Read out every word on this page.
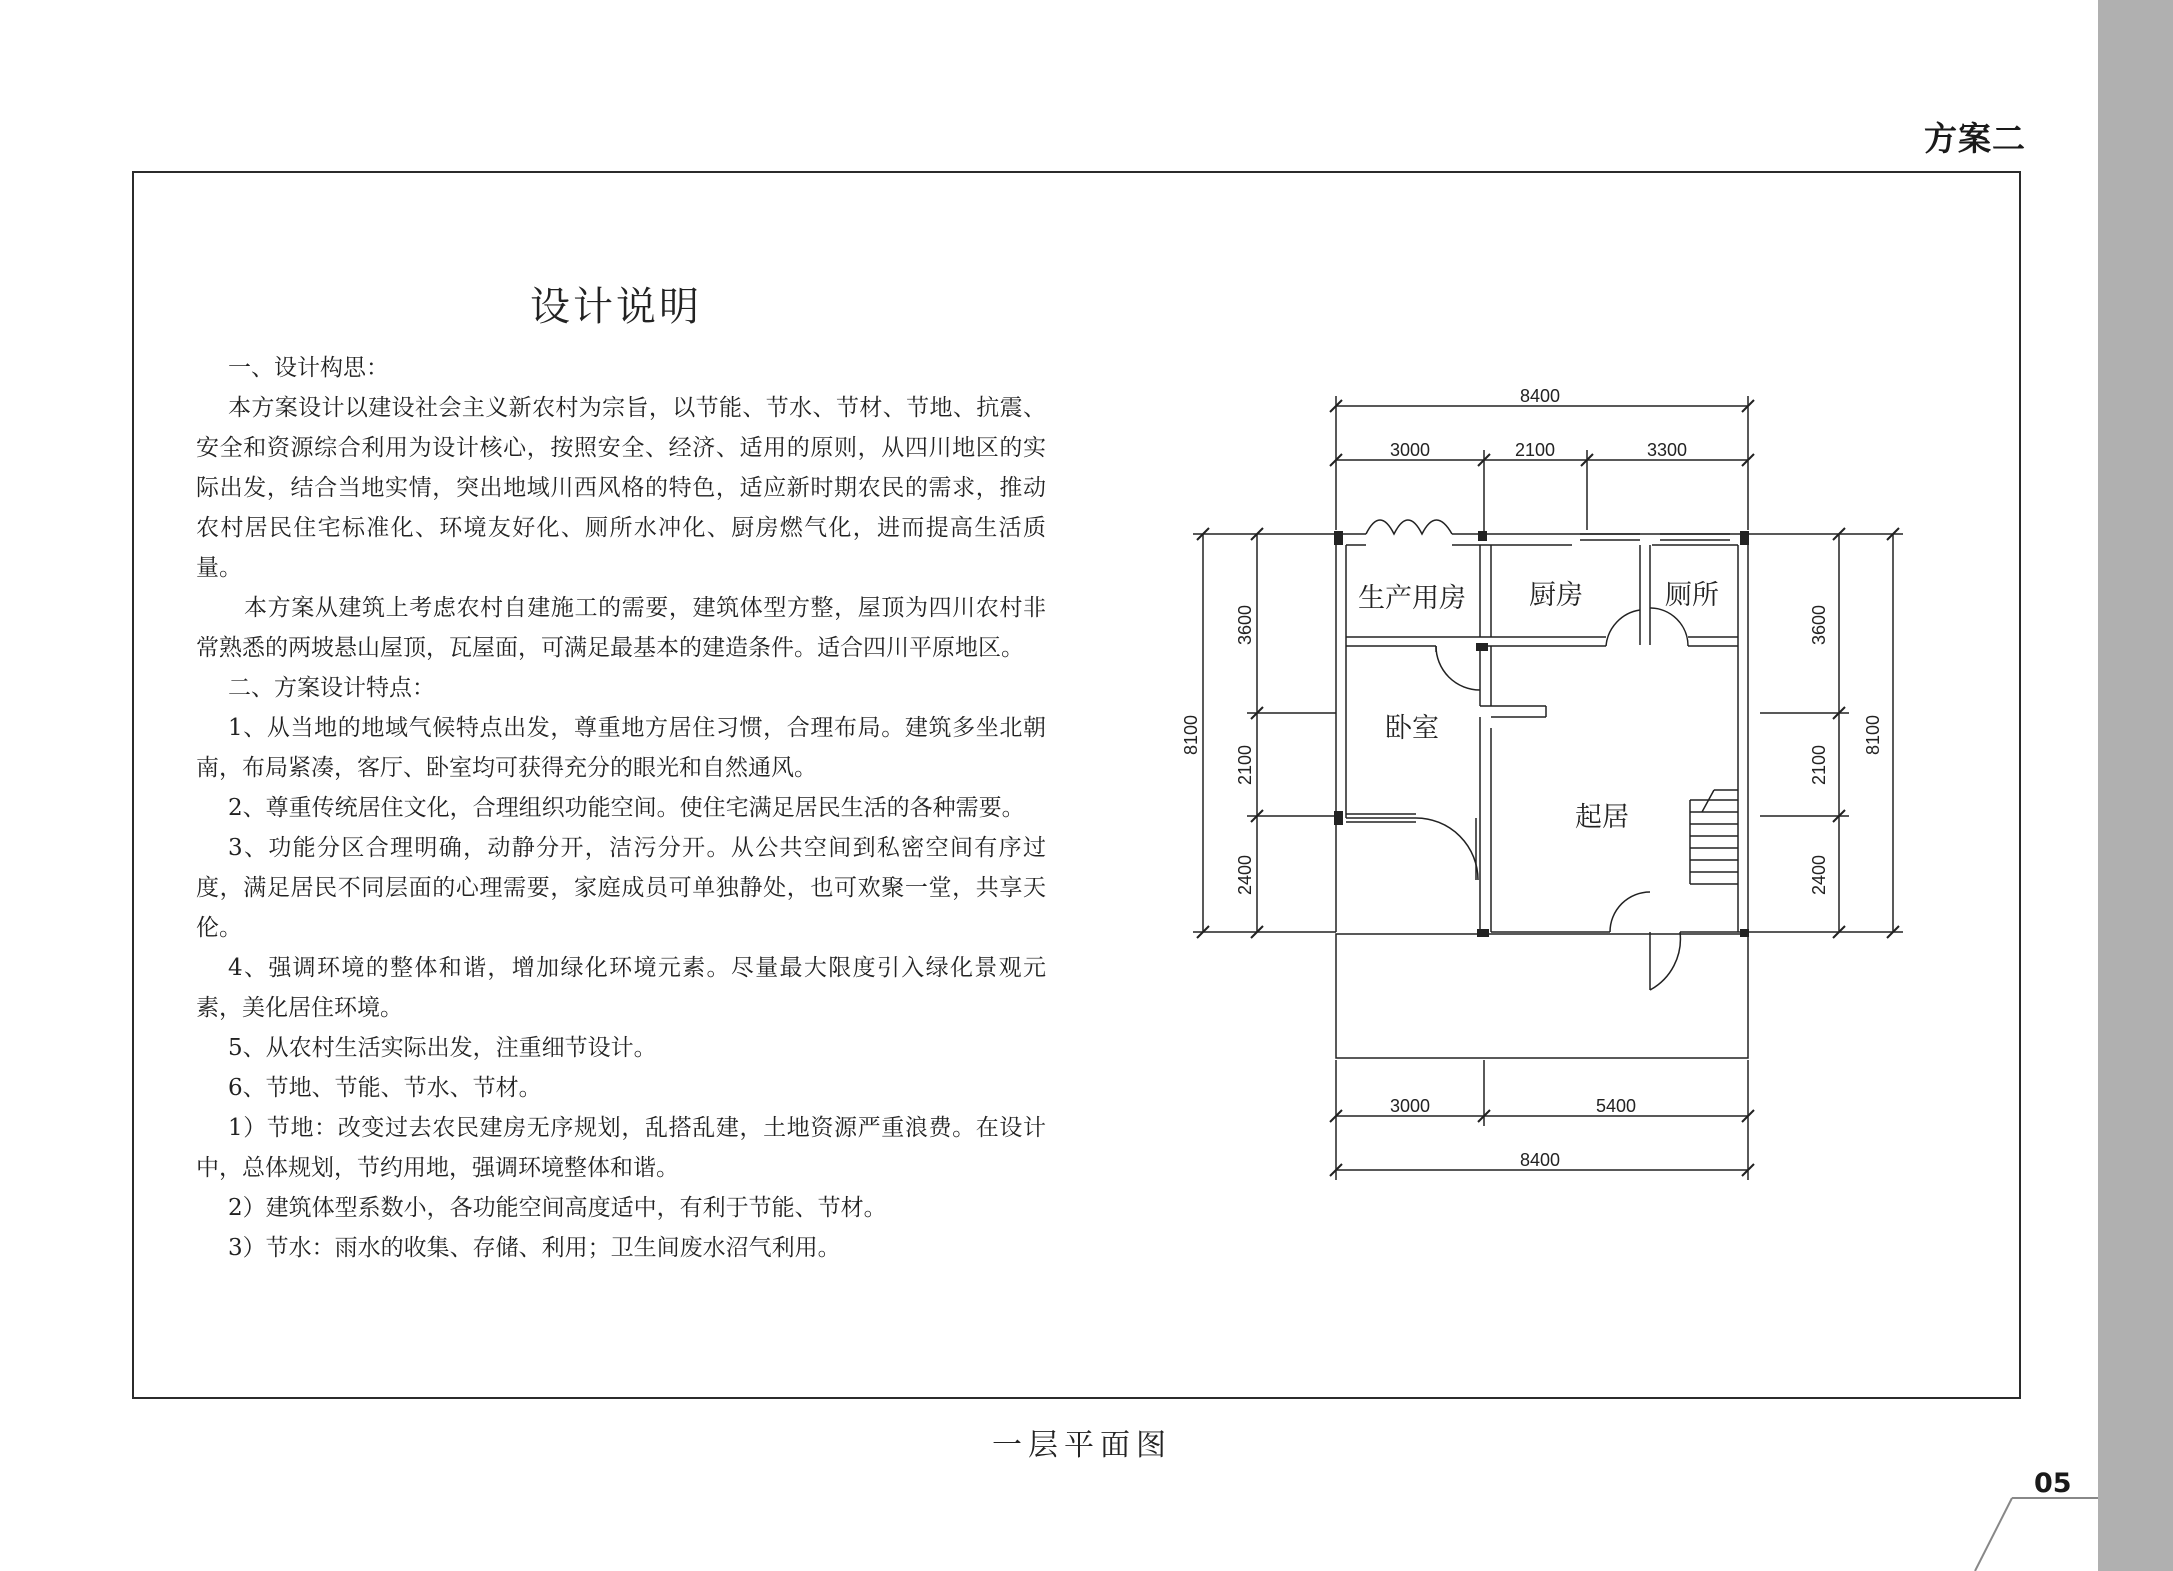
方案二
设计说明

一、设计构思：

本方案设计以建设社会主义新农村为宗旨，以节能、节水、节材、节地、抗震、安全和资源综合利用为设计核心，按照安全、经济、适用的原则，从四川地区的实际出发，结合当地实情，突出地域川西风格的特色，适应新时期农民的需求，推动农村居民住宅标准化、环境友好化、厕所水冲化、厨房燃气化，进而提高生活质量。

本方案从建筑上考虑农村自建施工的需要，建筑体型方整，屋顶为四川农村非常熟悉的两坡悬山屋顶，瓦屋面，可满足最基本的建造条件。适合四川平原地区。

二、方案设计特点：

1、从当地的地域气候特点出发，尊重地方居住习惯，合理布局。建筑多坐北朝南，布局紧凑，客厅、卧室均可获得充分的眼光和自然通风。

2、尊重传统居住文化，合理组织功能空间。使住宅满足居民生活的各种需要。

3、功能分区合理明确，动静分开，洁污分开。从公共空间到私密空间有序过度，满足居民不同层面的心理需要，家庭成员可单独静处，也可欢聚一堂，共享天伦。

4、强调环境的整体和谐，增加绿化环境元素。尽量最大限度引入绿化景观元素，美化居住环境。

5、从农村生活实际出发，注重细节设计。

6、节地、节能、节水、节材。

1）节地：改变过去农民建房无序规划，乱搭乱建，土地资源严重浪费。在设计中，总体规划，节约用地，强调环境整体和谐。

2）建筑体型系数小，各功能空间高度适中，有利于节能、节材。

3）节水：雨水的收集、存储、利用；卫生间废水沼气利用。

8400
3000	2100	3300
3000	5400
8400
8100
3600
2100
2400
8100
3600
2100
2400
生产用房 厨房	厕所
卧室
起居
一层平面图
05
